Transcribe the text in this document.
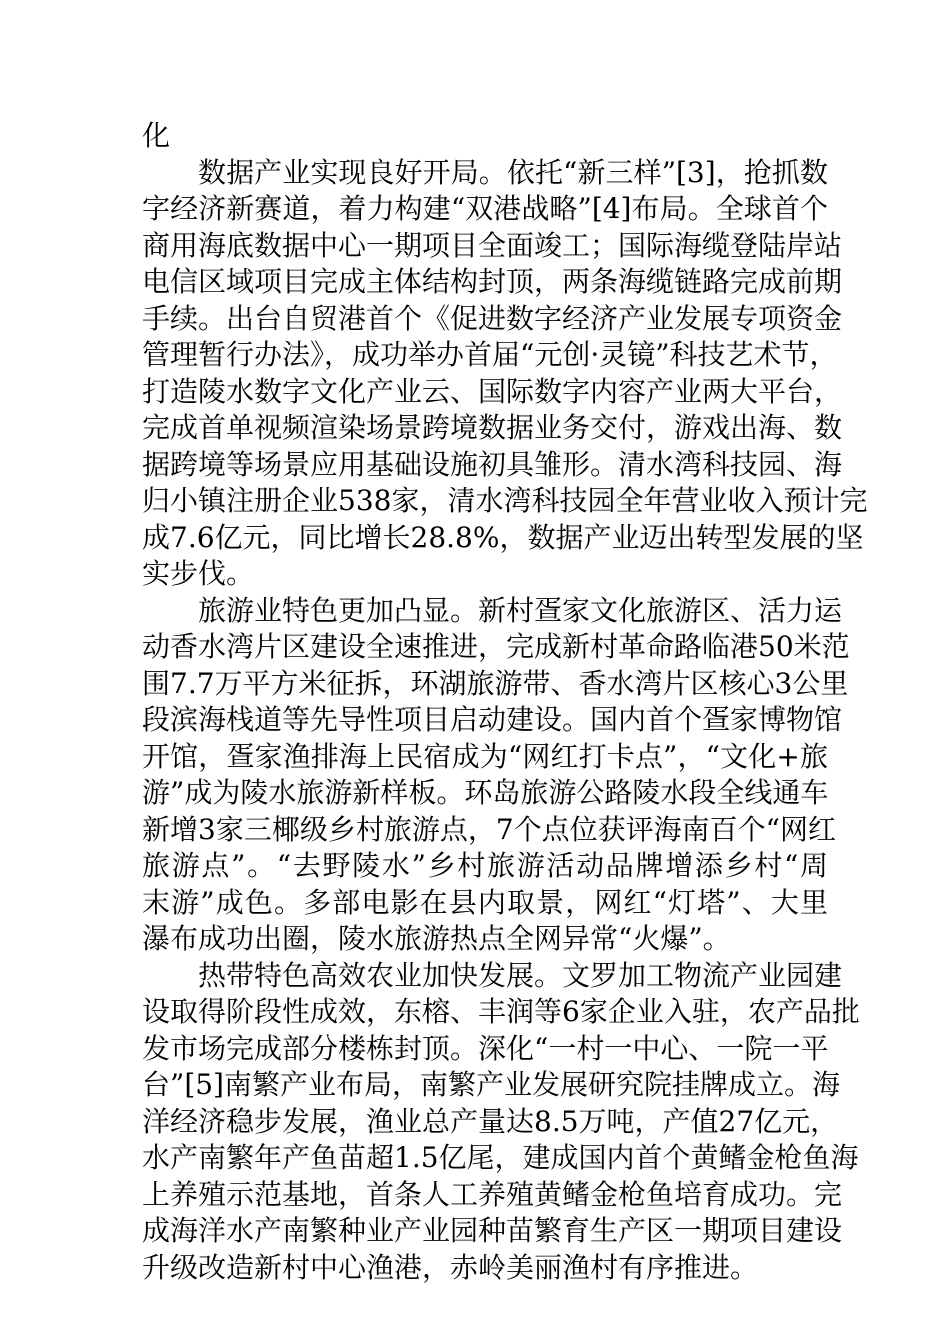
化
数据产业实现良好开局。依托“新三样”[3]，抢抓数
字经济新赛道，着力构建“双港战略”[4]布局。全球首个
商用海底数据中心一期项目全面竣工；国际海缆登陆岸站
电信区域项目完成主体结构封顶，两条海缆链路完成前期
手续。出台自贸港首个《促进数字经济产业发展专项资金
管理暂行办法》，成功举办首届“元创·灵镜”科技艺术节，
打造陵水数字文化产业云、国际数字内容产业两大平台，
完成首单视频渲染场景跨境数据业务交付，游戏出海、数
据跨境等场景应用基础设施初具雏形。清水湾科技园、海
归小镇注册企业538家，清水湾科技园全年营业收入预计完
成7.6亿元，同比增长28.8%，数据产业迈出转型发展的坚
实步伐。
旅游业特色更加凸显。新村疍家文化旅游区、活力运
动香水湾片区建设全速推进，完成新村革命路临港50米范
围7.7万平方米征拆，环湖旅游带、香水湾片区核心3公里
段滨海栈道等先导性项目启动建设。国内首个疍家博物馆
开馆，疍家渔排海上民宿成为“网红打卡点”，“文化+旅
游”成为陵水旅游新样板。环岛旅游公路陵水段全线通车
新增3家三椰级乡村旅游点，7个点位获评海南百个“网红
旅游点”。“去野陵水”乡村旅游活动品牌增添乡村“周
末游”成色。多部电影在县内取景，网红“灯塔”、大里
瀑布成功出圈，陵水旅游热点全网异常“火爆”。
热带特色高效农业加快发展。文罗加工物流产业园建
设取得阶段性成效，东榕、丰润等6家企业入驻，农产品批
发市场完成部分楼栋封顶。深化“一村一中心、一院一平
台”[5]南繁产业布局，南繁产业发展研究院挂牌成立。海
洋经济稳步发展，渔业总产量达8.5万吨，产值27亿元，
水产南繁年产鱼苗超1.5亿尾，建成国内首个黄鳍金枪鱼海
上养殖示范基地，首条人工养殖黄鳍金枪鱼培育成功。完
成海洋水产南繁种业产业园种苗繁育生产区一期项目建设
升级改造新村中心渔港，赤岭美丽渔村有序推进。
